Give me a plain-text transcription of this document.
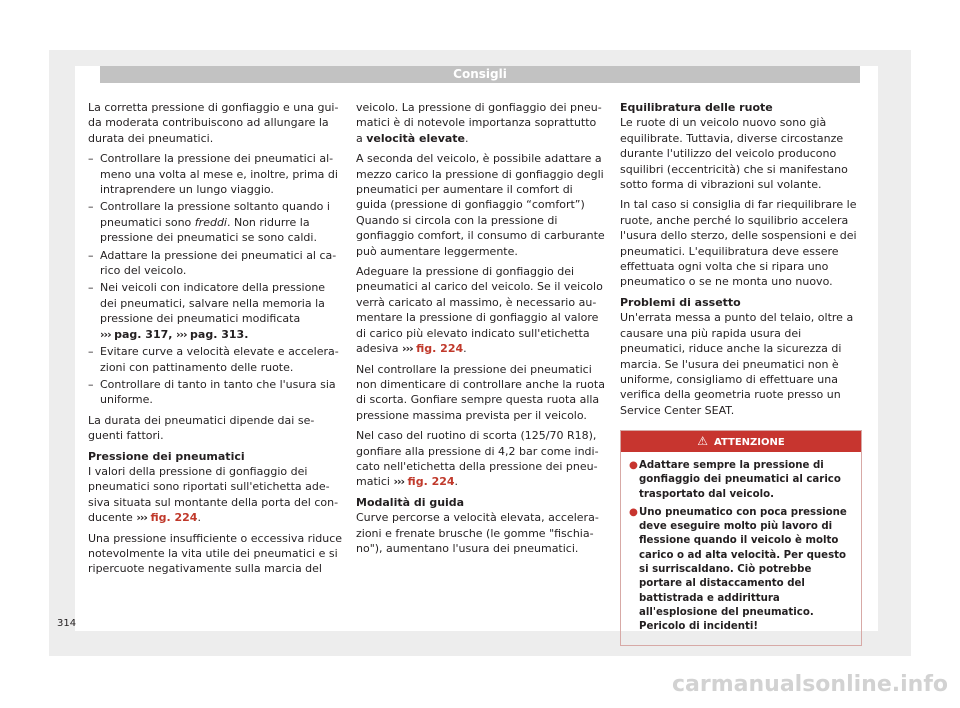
Consigli

La corretta pressione di gonfiaggio e una guida moderata contribuiscono ad allungare la durata dei pneumatici.

– Controllare la pressione dei pneumatici almeno una volta al mese e, inoltre, prima di intraprendere un lungo viaggio.
– Controllare la pressione soltanto quando i pneumatici sono freddi. Non ridurre la pressione dei pneumatici se sono caldi.
– Adattare la pressione dei pneumatici al carico del veicolo.
– Nei veicoli con indicatore della pressione dei pneumatici, salvare nella memoria la pressione dei pneumatici modificata
››› pag. 317, ››› pag. 313.
– Evitare curve a velocità elevate e accelerazioni con pattinamento delle ruote.
– Controllare di tanto in tanto che l'usura sia uniforme.

La durata dei pneumatici dipende dai seguenti fattori.

Pressione dei pneumatici

I valori della pressione di gonfiaggio dei pneumatici sono riportati sull'etichetta adesiva situata sul montante della porta del conducente ››› fig. 224.

Una pressione insufficiente o eccessiva riduce notevolmente la vita utile dei pneumatici e si ripercuote negativamente sulla marcia del

veicolo. La pressione di gonfiaggio dei pneumatici è di notevole importanza soprattutto a velocità elevate.

A seconda del veicolo, è possibile adattare a mezzo carico la pressione di gonfiaggio degli pneumatici per aumentare il comfort di guida (pressione di gonfiaggio “comfort”) Quando si circola con la pressione di gonfiaggio comfort, il consumo di carburante può aumentare leggermente.

Adeguare la pressione di gonfiaggio dei pneumatici al carico del veicolo. Se il veicolo verrà caricato al massimo, è necessario aumentare la pressione di gonfiaggio al valore di carico più elevato indicato sull'etichetta adesiva ››› fig. 224.

Nel controllare la pressione dei pneumatici non dimenticare di controllare anche la ruota di scorta. Gonfiare sempre questa ruota alla pressione massima prevista per il veicolo.

Nel caso del ruotino di scorta (125/70 R18), gonfiare alla pressione di 4,2 bar come indicato nell'etichetta della pressione dei pneumatici ››› fig. 224.

Modalità di guida

Curve percorse a velocità elevata, accelerazioni e frenate brusche (le gomme "fischiano"), aumentano l'usura dei pneumatici.

Equilibratura delle ruote

Le ruote di un veicolo nuovo sono già equilibrate. Tuttavia, diverse circostanze durante l'utilizzo del veicolo producono squilibri (eccentricità) che si manifestano sotto forma di vibrazioni sul volante.

In tal caso si consiglia di far riequilibrare le ruote, anche perché lo squilibrio accelera l'usura dello sterzo, delle sospensioni e dei pneumatici. L'equilibratura deve essere effettuata ogni volta che si ripara uno pneumatico o se ne monta uno nuovo.

Problemi di assetto

Un'errata messa a punto del telaio, oltre a causare una più rapida usura dei pneumatici, riduce anche la sicurezza di marcia. Se l'usura dei pneumatici non è uniforme, consigliamo di effettuare una verifica della geometria ruote presso un Service Center SEAT.

⚠ ATTENZIONE
● Adattare sempre la pressione di gonfiaggio dei pneumatici al carico trasportato dal veicolo.
● Uno pneumatico con poca pressione deve eseguire molto più lavoro di flessione quando il veicolo è molto carico o ad alta velocità. Per questo si surriscaldano. Ciò potrebbe portare al distaccamento del battistrada e addirittura all'esplosione del pneumatico. Pericolo di incidenti!
314
carmanualsonline.info
